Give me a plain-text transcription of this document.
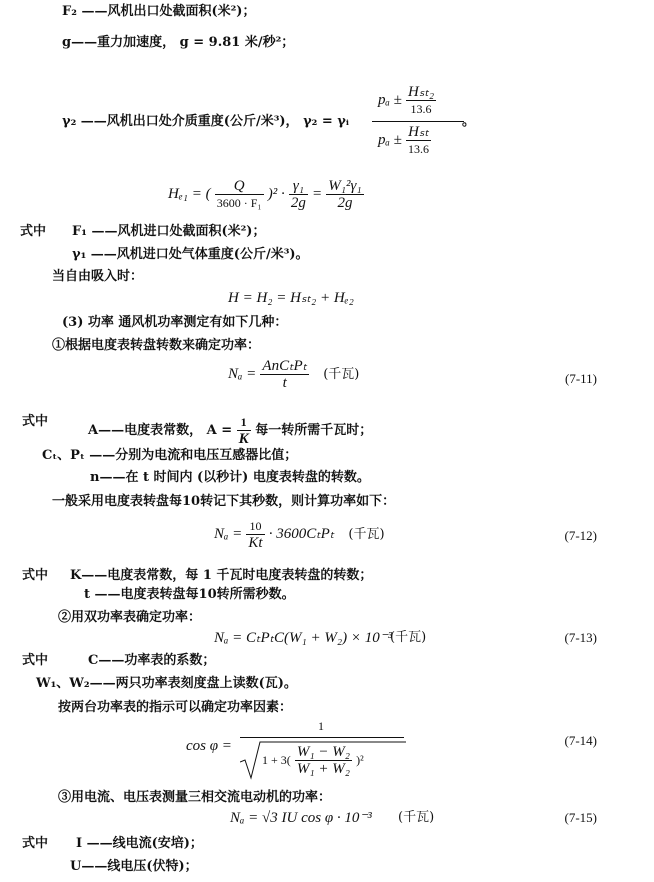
F₂ ——风机出口处截面积(米²)；
g——重力加速度， g = 9.81 米/秒²；
γ₂ ——风机出口处介质重度(公斤/米³)， γ₂ = γᵢ
$p_a \pm \frac{\text{Hₛₜ₂}}{13.6}$
$p_a \pm \frac{\text{Hₛₜ}}{13.6}$
。
Hₑ₁ = ( $\frac{Q}{\text{3600 · F₁}} )^2 \cdot \frac{\text{γ₁}}{2g} = \frac{\text{W₁²γ₁}}{2g}$
式中 F₁ ——风机进口处截面积(米²)；
γ₁ ——风机进口处气体重度(公斤/米³)。
当自由吸入时：
H = H₂ = Hₛₜ₂ + Hₑ₂
(3) 功率 通风机功率测定有如下几种：
①根据电度表转盘转数来确定功率：
$N_a = \frac{\text{AnCₜPₜ}}{t}$ (千瓦)	(7-11)
式中
A——电度表常数， $A = \frac{1}{K}$ 每一转所需千瓦时；
Cₜ、Pₜ ——分别为电流和电压互感器比值；
n——在 t 时间内 (以秒计) 电度表转盘的转数。
一般采用电度表转盘每10转记下其秒数，则计算功率如下：
$N_a = \frac{10}{Kt} \cdot 3600C_tP_t$ (千瓦)	(7-12)
式中 K——电度表常数，每 1 千瓦时电度表转盘的转数；
t ——电度表转盘每10转所需秒数。
②用双功率表确定功率：
Nₐ = CₜPₜC(W₁ + W₂) × 10⁻³
(千瓦)	(7-13)
式中	C——功率表的系数；
W₁、W₂——两只功率表刻度盘上读数(瓦)。
按两台功率表的指示可以确定功率因素：
cos φ =
1
$1 + 3( \frac{\text{W₁ − W₂}}{\text{W₁ + W₂}} )^2$
(7-14)
③用电流、电压表测量三相交流电动机的功率：
Nₐ = √3 IU cos φ · 10⁻³ (千瓦)	(7-15)
式中 I ——线电流(安培)；
U——线电压(伏特)；
